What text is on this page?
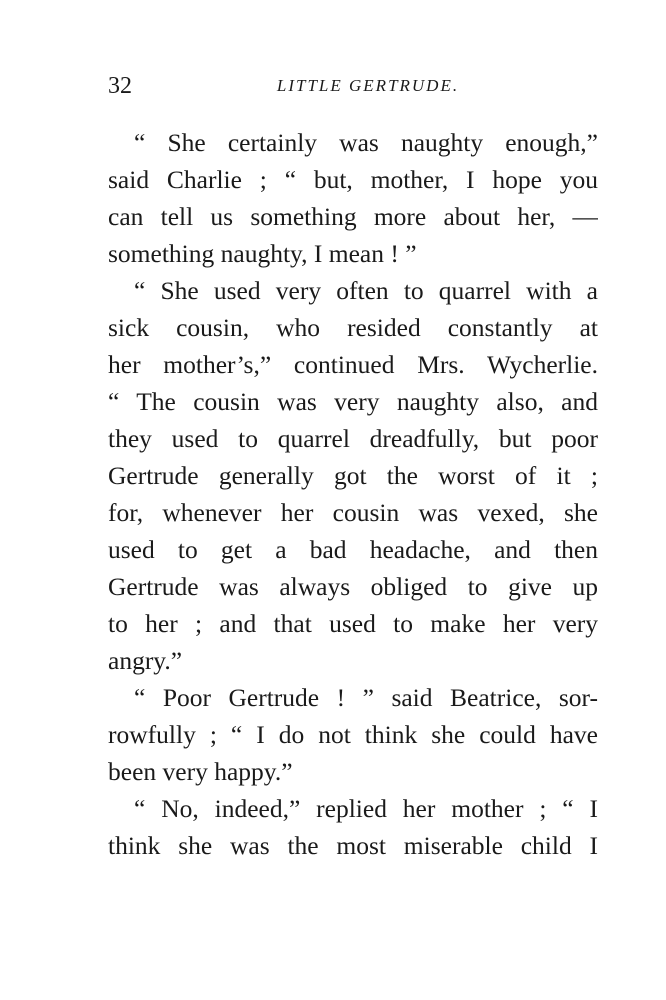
32	LITTLE GERTRUDE.
“ She certainly was naughty enough,”
said Charlie ; “ but, mother, I hope you
can tell us something more about her, —
something naughty, I mean ! ”
“ She used very often to quarrel with a
sick cousin, who resided constantly at
her mother’s,” continued Mrs. Wycherlie.
“ The cousin was very naughty also, and
they used to quarrel dreadfully, but poor
Gertrude generally got the worst of it ;
for, whenever her cousin was vexed, she
used to get a bad headache, and then
Gertrude was always obliged to give up
to her ; and that used to make her very
angry.”
“ Poor Gertrude ! ” said Beatrice, sor-
rowfully ; “ I do not think she could have
been very happy.”
“ No, indeed,” replied her mother ; “ I
think she was the most miserable child I
